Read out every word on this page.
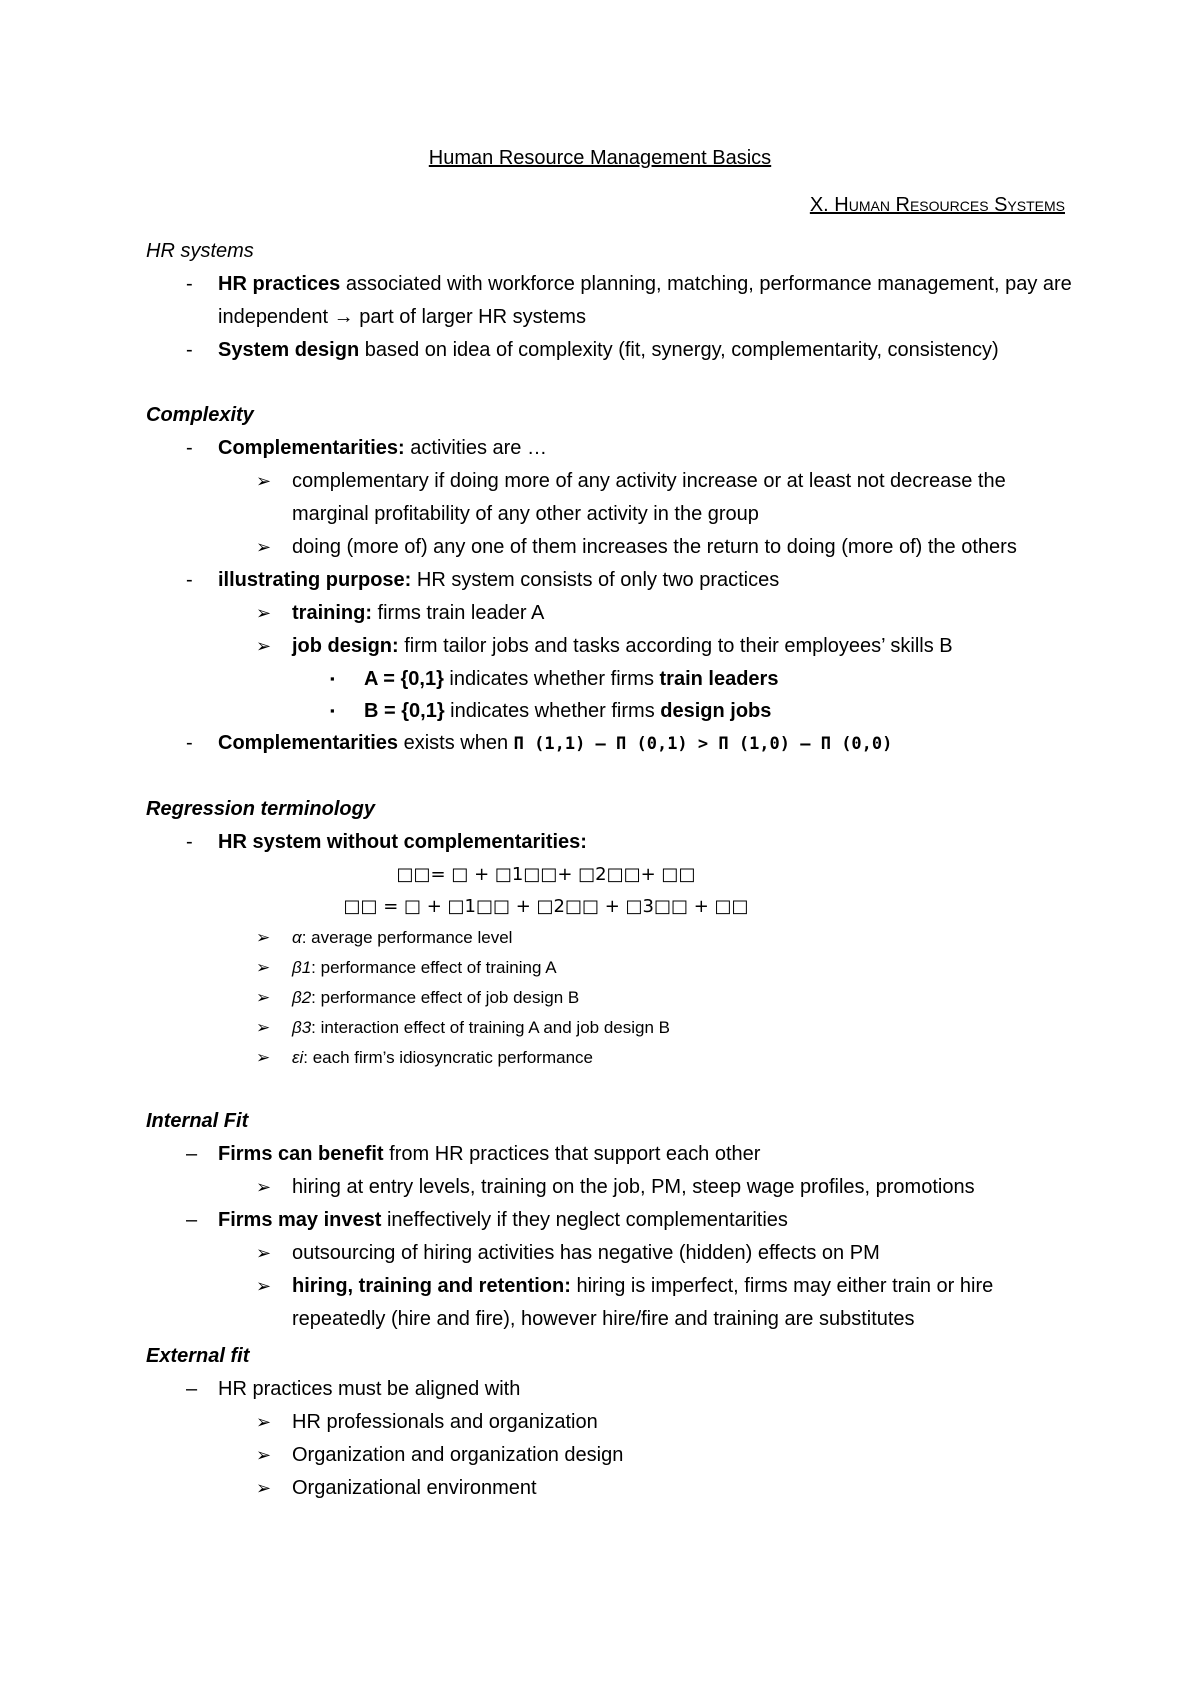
Human Resource Management Basics
X. Human Resources Systems
HR systems
- HR practices associated with workforce planning, matching, performance management, pay are independent → part of larger HR systems
- System design based on idea of complexity (fit, synergy, complementarity, consistency)
Complexity
- Complementarities: activities are …
➢ complementary if doing more of any activity increase or at least not decrease the marginal profitability of any other activity in the group
➢ doing (more of) any one of them increases the return to doing (more of) the others
- illustrating purpose: HR system consists of only two practices
➢ training: firms train leader A
➢ job design: firm tailor jobs and tasks according to their employees’ skills B
▪ A = {0,1} indicates whether firms train leaders
▪ B = {0,1} indicates whether firms design jobs
- Complementarities exists when Π (1,1) – Π (0,1) > Π (1,0) – Π (0,0)
Regression terminology
- HR system without complementarities:
□□= □ + □1□□+ □2□□+ □□
□□ = □ + □1□□ + □2□□ + □3□□ + □□
➢ α: average performance level
➢ β1: performance effect of training A
➢ β2: performance effect of job design B
➢ β3: interaction effect of training A and job design B
➢ εi: each firm’s idiosyncratic performance
Internal Fit
– Firms can benefit from HR practices that support each other
➢ hiring at entry levels, training on the job, PM, steep wage profiles, promotions
– Firms may invest ineffectively if they neglect complementarities
➢ outsourcing of hiring activities has negative (hidden) effects on PM
➢ hiring, training and retention: hiring is imperfect, firms may either train or hire repeatedly (hire and fire), however hire/fire and training are substitutes
External fit
– HR practices must be aligned with
➢ HR professionals and organization
➢ Organization and organization design
➢ Organizational environment
